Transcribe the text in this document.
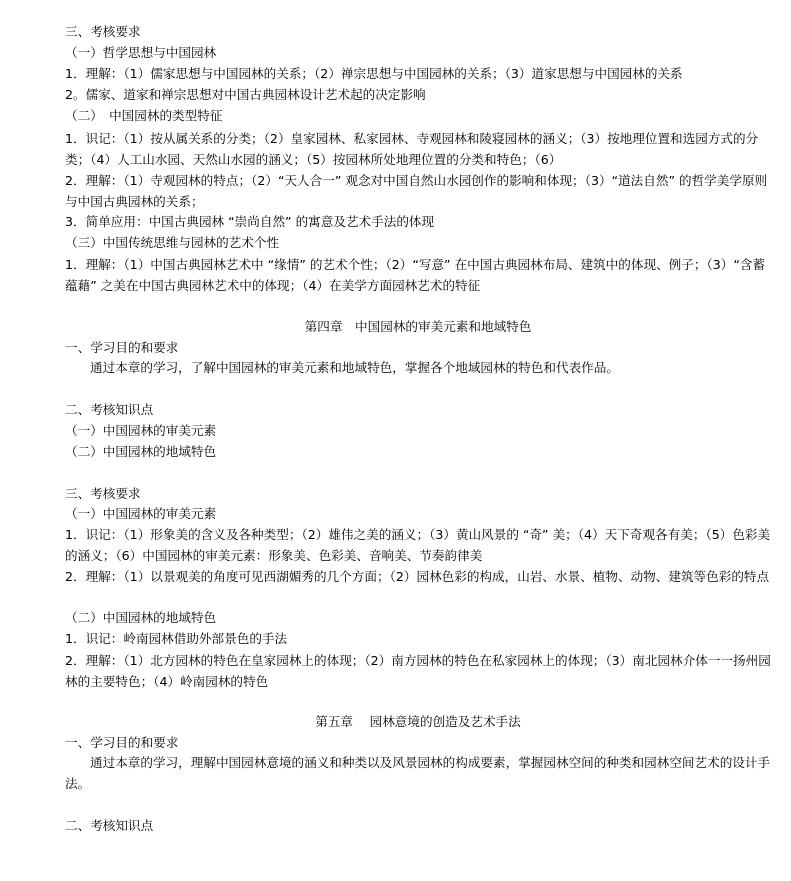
三、考核要求
（一）哲学思想与中国园林
1．理解：（1）儒家思想与中国园林的关系；（2）禅宗思想与中国园林的关系；（3）道家思想与中国园林的关系
2。儒家、道家和禅宗思想对中国古典园林设计艺术起的决定影响
（二）　中国园林的类型特征
1．识记：（1）按从属关系的分类；（2）皇家园林、私家园林、寺观园林和陵寝园林的涵义；（3）按地理位置和选园方式的分类；（4）人工山水园、天然山水园的涵义；（5）按园林所处地理位置的分类和特色；（6）
2．理解：（1）寺观园林的特点；（2）“天人合一” 观念对中国自然山水园创作的影响和体现；（3）“道法自然” 的哲学美学原则与中国古典园林的关系；
3．简单应用：中国古典园林 “崇尚自然” 的寓意及艺术手法的体现
（三）中国传统思维与园林的艺术个性
1．理解：（1）中国古典园林艺术中 “缘情” 的艺术个性；（2）“写意” 在中国古典园林布局、建筑中的体现、例子；（3）“含蓄蕴藉” 之美在中国古典园林艺术中的体现；（4）在美学方面园林艺术的特征
第四章　中国园林的审美元素和地域特色
一、学习目的和要求
通过本章的学习，了解中国园林的审美元素和地域特色，掌握各个地域园林的特色和代表作品。
二、考核知识点
（一）中国园林的审美元素
（二）中国园林的地域特色
三、考核要求
（一）中国园林的审美元素
1．识记：（1）形象美的含义及各种类型；（2）雄伟之美的涵义；（3）黄山风景的 “奇” 美；（4）天下奇观各有美；（5）色彩美的涵义；（6）中国园林的审美元素：形象美、色彩美、音响美、节奏韵律美
2．理解：（1）以景观美的角度可见西湖媚秀的几个方面；（2）园林色彩的构成，山岩、水景、植物、动物、建筑等色彩的特点
（二）中国园林的地域特色
1．识记：岭南园林借助外部景色的手法
2．理解：（1）北方园林的特色在皇家园林上的体现；（2）南方园林的特色在私家园林上的体现；（3）南北园林介体一一扬州园林的主要特色；（4）岭南园林的特色
第五章　 园林意境的创造及艺术手法
一、学习目的和要求
通过本章的学习，理解中国园林意境的涵义和种类以及风景园林的构成要素，掌握园林空间的种类和园林空间艺术的设计手法。
二、考核知识点
